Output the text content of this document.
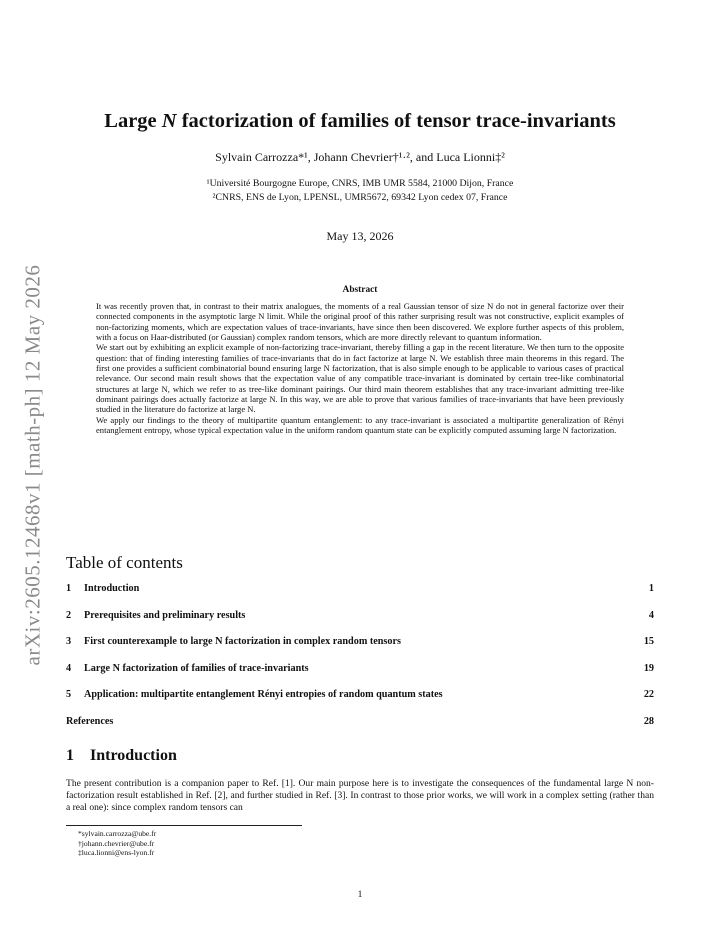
arXiv:2605.12468v1 [math-ph] 12 May 2026
Large N factorization of families of tensor trace-invariants
Sylvain Carrozza*¹, Johann Chevrier†¹·², and Luca Lionni‡²
¹Université Bourgogne Europe, CNRS, IMB UMR 5584, 21000 Dijon, France
²CNRS, ENS de Lyon, LPENSL, UMR5672, 69342 Lyon cedex 07, France
May 13, 2026
Abstract

It was recently proven that, in contrast to their matrix analogues, the moments of a real Gaussian tensor of size N do not in general factorize over their connected components in the asymptotic large N limit. While the original proof of this rather surprising result was not constructive, explicit examples of non-factorizing moments, which are expectation values of trace-invariants, have since then been discovered. We explore further aspects of this problem, with a focus on Haar-distributed (or Gaussian) complex random tensors, which are more directly relevant to quantum information.

We start out by exhibiting an explicit example of non-factorizing trace-invariant, thereby filling a gap in the recent literature. We then turn to the opposite question: that of finding interesting families of trace-invariants that do in fact factorize at large N. We establish three main theorems in this regard. The first one provides a sufficient combinatorial bound ensuring large N factorization, that is also simple enough to be applicable to various cases of practical relevance. Our second main result shows that the expectation value of any compatible trace-invariant is dominated by certain tree-like combinatorial structures at large N, which we refer to as tree-like dominant pairings. Our third main theorem establishes that any trace-invariant admitting tree-like dominant pairings does actually factorize at large N. In this way, we are able to prove that various families of trace-invariants that have been previously studied in the literature do factorize at large N.

We apply our findings to the theory of multipartite quantum entanglement: to any trace-invariant is associated a multipartite generalization of Rényi entanglement entropy, whose typical expectation value in the uniform random quantum state can be explicitly computed assuming large N factorization.

Table of contents
1 Introduction	1
2 Prerequisites and preliminary results	4
3 First counterexample to large N factorization in complex random tensors	15
4 Large N factorization of families of trace-invariants	19
5 Application: multipartite entanglement Rényi entropies of random quantum states	22
References	28
1 Introduction
The present contribution is a companion paper to Ref. [1]. Our main purpose here is to investigate the consequences of the fundamental large N non-factorization result established in Ref. [2], and further studied in Ref. [3]. In contrast to those prior works, we will work in a complex setting (rather than a real one): since complex random tensors can
*sylvain.carrozza@ube.fr
†johann.chevrier@ube.fr
‡luca.lionni@ens-lyon.fr
1
